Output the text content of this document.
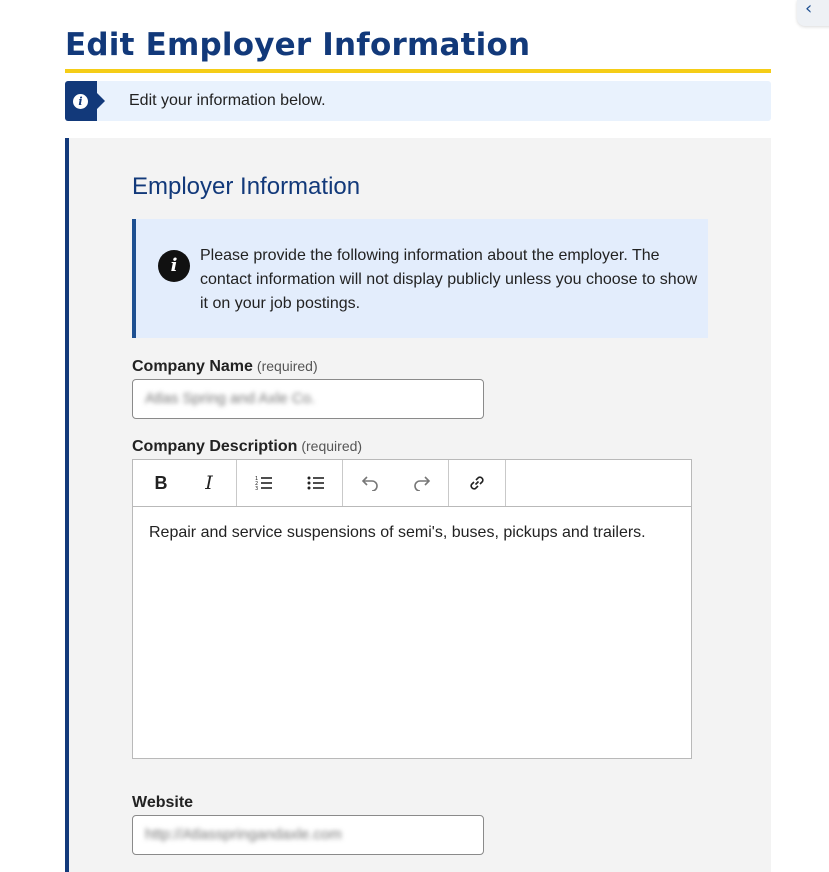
‹
Edit Employer Information
i	Edit your information below.
Employer Information
i	Please provide the following information about the employer. The contact information will not display publicly unless you choose to show it on your job postings.
Company Name (required)
Atlas Spring and Axle Co.
Company Description (required)
B I	1
2
3
Repair and service suspensions of semi's, buses, pickups and trailers.
Website
http://Atlasspringandaxle.com
